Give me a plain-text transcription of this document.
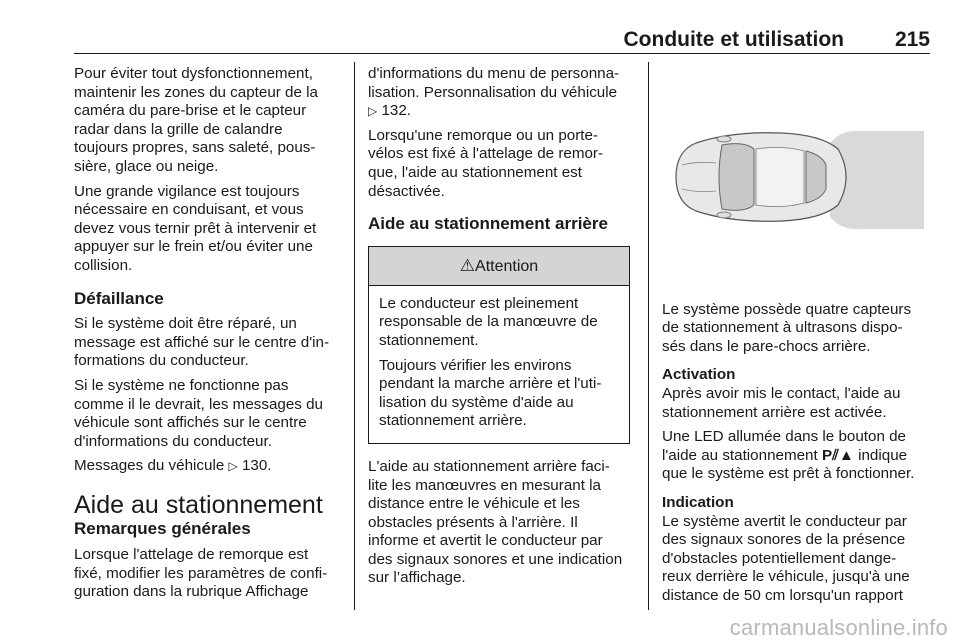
Conduite et utilisation 215

Pour éviter tout dysfonctionnement,
maintenir les zones du capteur de la
caméra du pare-brise et le capteur
radar dans la grille de calandre
toujours propres, sans saleté, pous-
sière, glace ou neige.

Une grande vigilance est toujours
nécessaire en conduisant, et vous
devez vous ternir prêt à intervenir et
appuyer sur le frein et/ou éviter une
collision.

Défaillance

Si le système doit être réparé, un
message est affiché sur le centre d'in-
formations du conducteur.

Si le système ne fonctionne pas
comme il le devrait, les messages du
véhicule sont affichés sur le centre
d'informations du conducteur.

Messages du véhicule ▷ 130.

Aide au stationnement

Remarques générales

Lorsque l'attelage de remorque est
fixé, modifier les paramètres de confi-
guration dans la rubrique Affichage

d'informations du menu de personna-
lisation. Personnalisation du véhicule
▷ 132.

Lorsqu'une remorque ou un porte-
vélos est fixé à l'attelage de remor-
que, l'aide au stationnement est
désactivée.

Aide au stationnement arrière

⚠Attention

Le conducteur est pleinement
responsable de la manœuvre de
stationnement.

Toujours vérifier les environs
pendant la marche arrière et l'uti-
lisation du système d'aide au
stationnement arrière.

L'aide au stationnement arrière faci-
lite les manœuvres en mesurant la
distance entre le véhicule et les
obstacles présents à l'arrière. Il
informe et avertit le conducteur par
des signaux sonores et une indication
sur l’affichage.

Le système possède quatre capteurs
de stationnement à ultrasons dispo-
sés dans le pare-chocs arrière.

Activation

Après avoir mis le contact, l'aide au
stationnement arrière est activée.

Une LED allumée dans le bouton de
l'aide au stationnement P⫽▲ indique
que le système est prêt à fonctionner.

Indication

Le système avertit le conducteur par
des signaux sonores de la présence
d'obstacles potentiellement dange-
reux derrière le véhicule, jusqu'à une
distance de 50 cm lorsqu'un rapport

carmanualsonline.info
